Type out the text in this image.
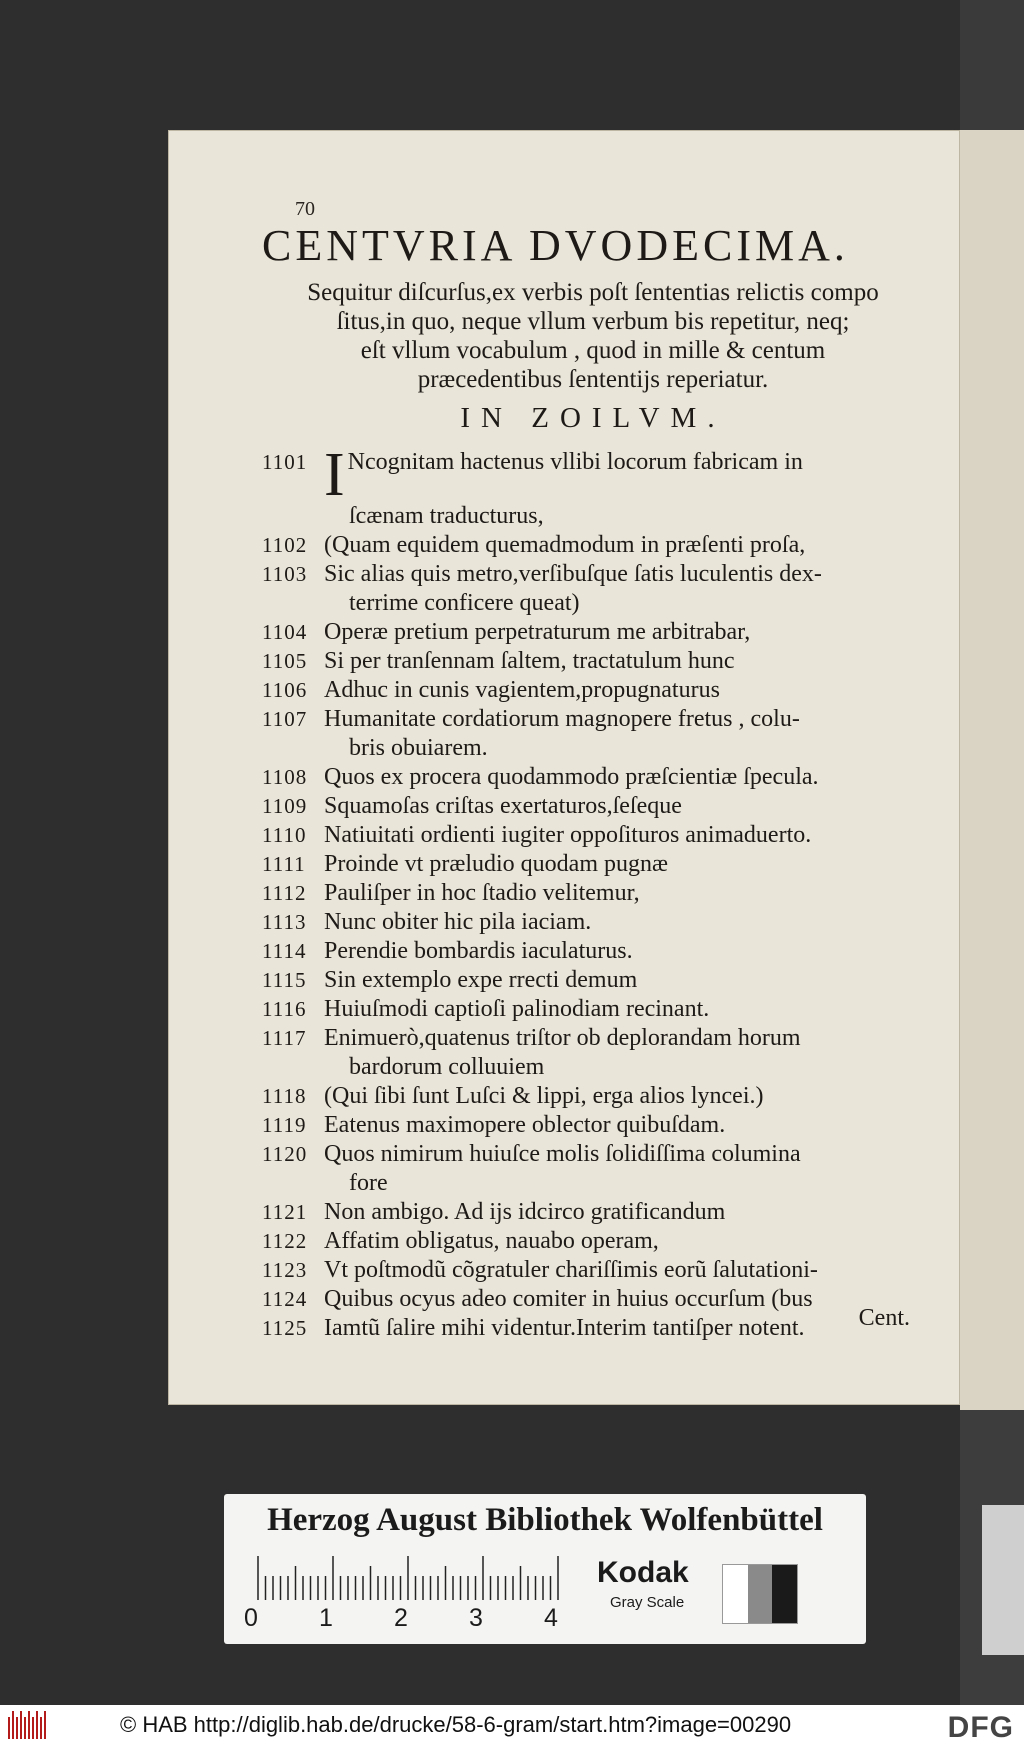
70
CENTVRIA DVODECIMA.
Sequitur diſcurſus,ex verbis poſt ſententias relictis compo
ſitus,in quo, neque vllum verbum bis repetitur, neq;
eſt vllum vocabulum , quod in mille & centum
præcedentibus ſententijs reperiatur.
IN ZOILVM.
1101 I Ncognitam hactenus vllibi locorum fabricam in
ſcænam traducturus,
1102 (Quam equidem quemadmodum in præſenti proſa,
1103 Sic alias quis metro,verſibuſque ſatis luculentis dex-
terrime conficere queat)
1104 Operæ pretium perpetraturum me arbitrabar,
1105 Si per tranſennam ſaltem, tractatulum hunc
1106 Adhuc in cunis vagientem,propugnaturus
1107 Humanitate cordatiorum magnopere fretus , colu-
bris obuiarem.
1108 Quos ex procera quodammodo præſcientiæ ſpecula.
1109 Squamoſas criſtas exertaturos,ſeſeque
1110 Natiuitati ordienti iugiter oppoſituros animaduerto.
1111 Proinde vt præludio quodam pugnæ
1112 Pauliſper in hoc ſtadio velitemur,
1113 Nunc obiter hic pila iaciam.
1114 Perendie bombardis iaculaturus.
1115 Sin extemplo expe rrecti demum
1116 Huiuſmodi captioſi palinodiam recinant.
1117 Enimuerò,quatenus triſtor ob deplorandam horum
bardorum colluuiem
1118 (Qui ſibi ſunt Luſci & lippi, erga alios lyncei.)
1119 Eatenus maximopere oblector quibuſdam.
1120 Quos nimirum huiuſce molis ſolidiſſima columina
fore
1121 Non ambigo. Ad ijs idcirco gratificandum
1122 Affatim obligatus, nauabo operam,
1123 Vt poſtmodũ cõgratuler chariſſimis eorũ ſalutationi-
1124 Quibus ocyus adeo comiter in huius occurſum (bus
1125 Iamtũ ſalire mihi videntur.Interim tantiſper notent.	Cent.
Herzog August Bibliothek Wolfenbüttel
0 1 2 3 4
Kodak
Gray Scale
© HAB http://diglib.hab.de/drucke/58-6-gram/start.htm?image=00290	DFG
